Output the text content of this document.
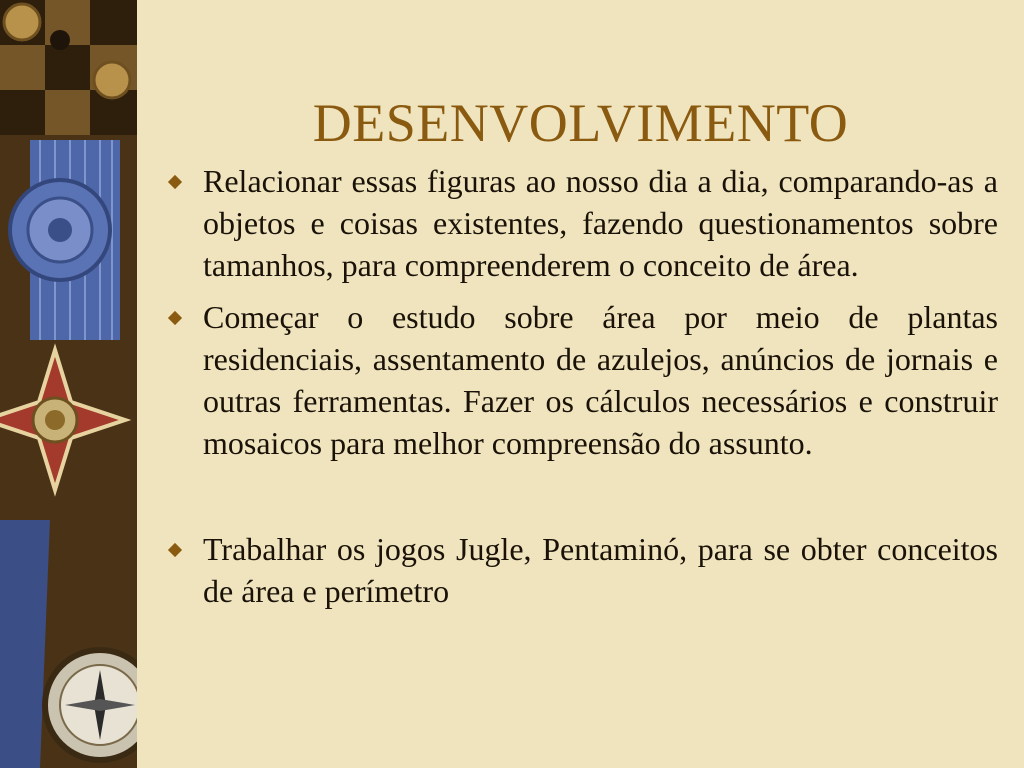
DESENVOLVIMENTO
Relacionar essas figuras ao nosso dia a dia, comparando-as a objetos e coisas existentes, fazendo questionamentos sobre tamanhos, para compreenderem o conceito de área.
Começar o estudo sobre área por meio de plantas residenciais, assentamento de azulejos, anúncios de jornais e outras ferramentas. Fazer os cálculos necessários e construir mosaicos para melhor compreensão do assunto.
Trabalhar os jogos Jugle, Pentaminó, para se obter conceitos de área e perímetro
